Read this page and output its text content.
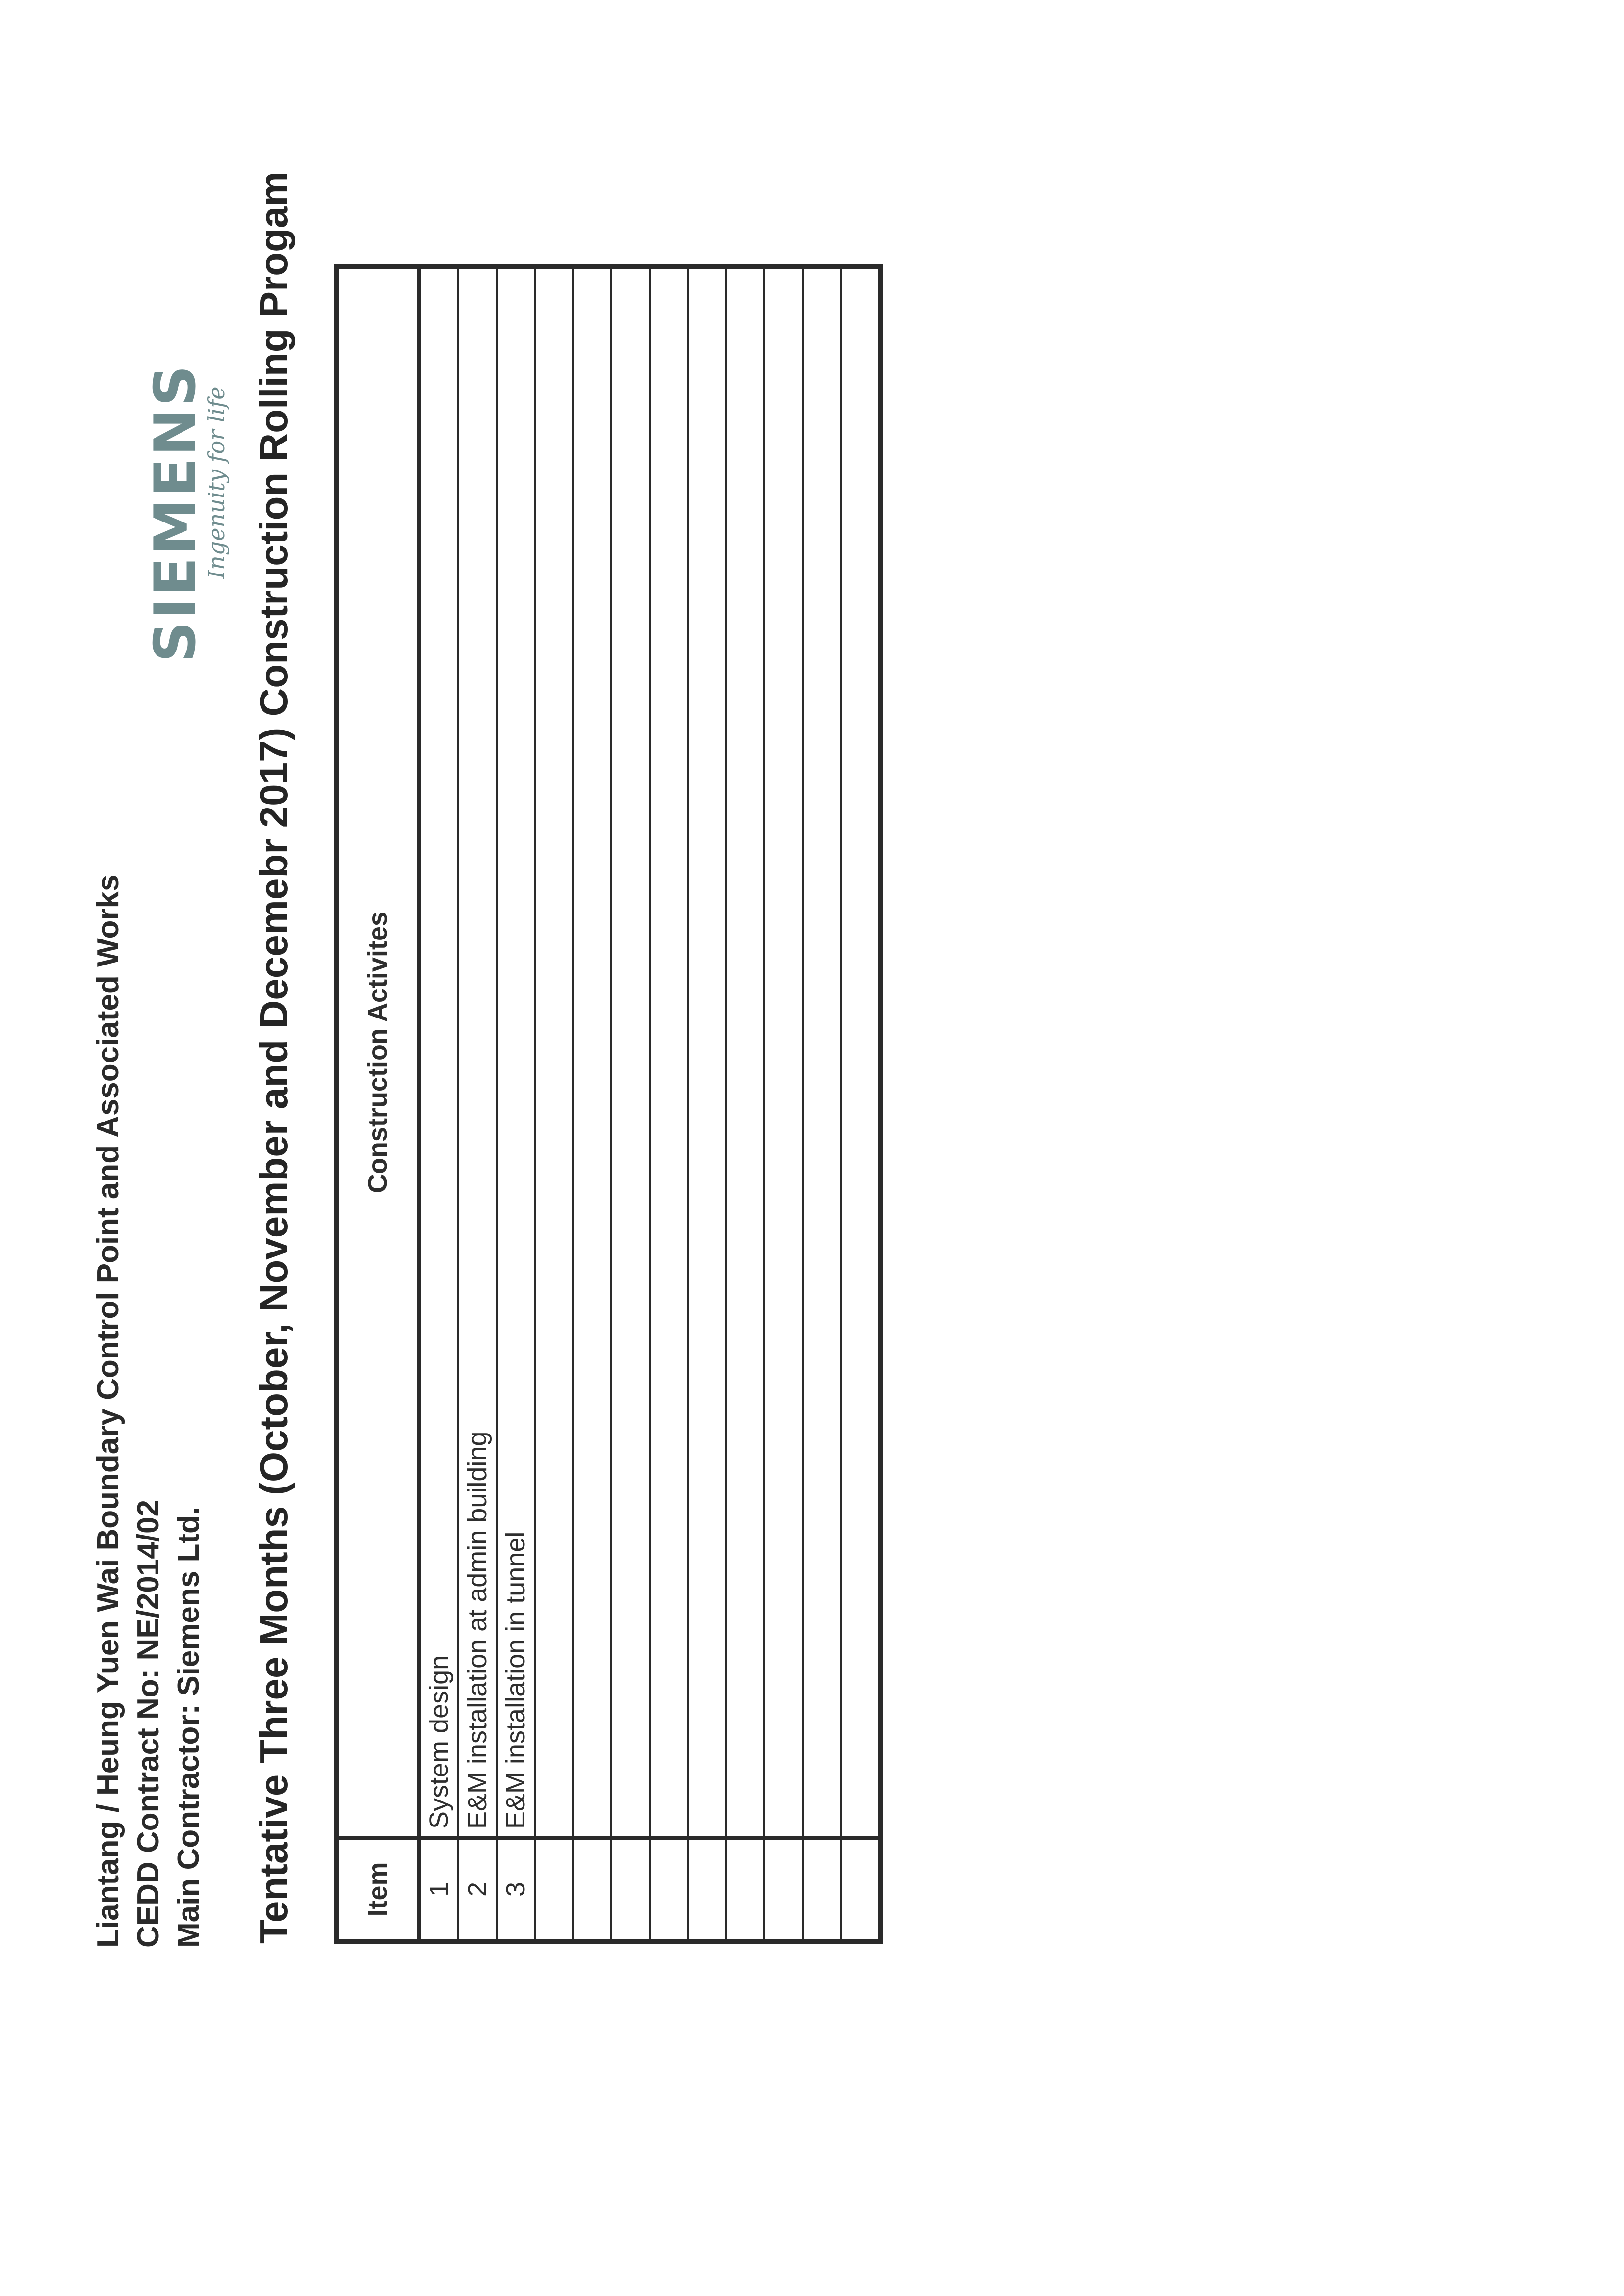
Liantang / Heung Yuen Wai Boundary Control Point and Associated Works CEDD Contract No: NE/2014/02 Main Contractor: Siemens Ltd.
SIEMENS
Ingenuity for life Tentative Three Months (October, November and Decemebr 2017) Construction Rolling Progam	Item	Construction Activites
1	System design
2	E&M installation at admin building
3	E&M installation in tunnel
